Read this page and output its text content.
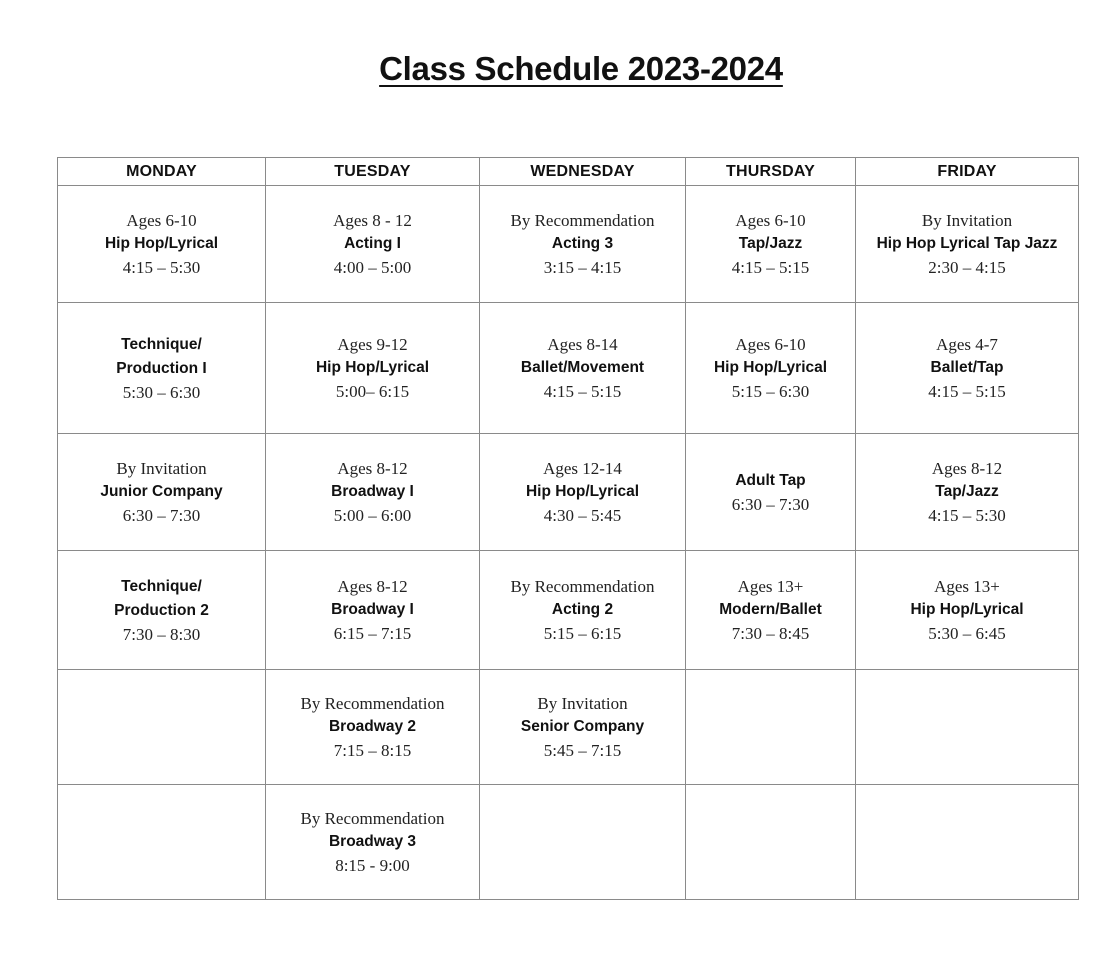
Class Schedule 2023-2024
MONDAY	TUESDAY	WEDNESDAY	THURSDAY	FRIDAY

Ages 6-10
Hip Hop/Lyrical
4:15 – 5:30	Ages 8 - 12
Acting I
4:00 – 5:00	By Recommendation
Acting 3
3:15 – 4:15	Ages 6-10
Tap/Jazz
4:15 – 5:15	By Invitation
Hip Hop Lyrical Tap Jazz
2:30 – 4:15

Technique/
Production I
5:30 – 6:30	Ages 9-12
Hip Hop/Lyrical
5:00– 6:15	Ages 8-14
Ballet/Movement
4:15 – 5:15	Ages 6-10
Hip Hop/Lyrical
5:15 – 6:30	Ages 4-7
Ballet/Tap
4:15 – 5:15

By Invitation
Junior Company
6:30 – 7:30	Ages 8-12
Broadway I
5:00 – 6:00	Ages 12-14
Hip Hop/Lyrical
4:30 – 5:45	Adult Tap
6:30 – 7:30	Ages 8-12
Tap/Jazz
4:15 – 5:30

Technique/
Production 2
7:30 – 8:30	Ages 8-12
Broadway I
6:15 – 7:15	By Recommendation
Acting 2
5:15 – 6:15	Ages 13+
Modern/Ballet
7:30 – 8:45	Ages 13+
Hip Hop/Lyrical
5:30 – 6:45

	By Recommendation
Broadway 2
7:15 – 8:15	By Invitation
Senior Company
5:45 – 7:15		

	By Recommendation
Broadway 3
8:15 - 9:00			
